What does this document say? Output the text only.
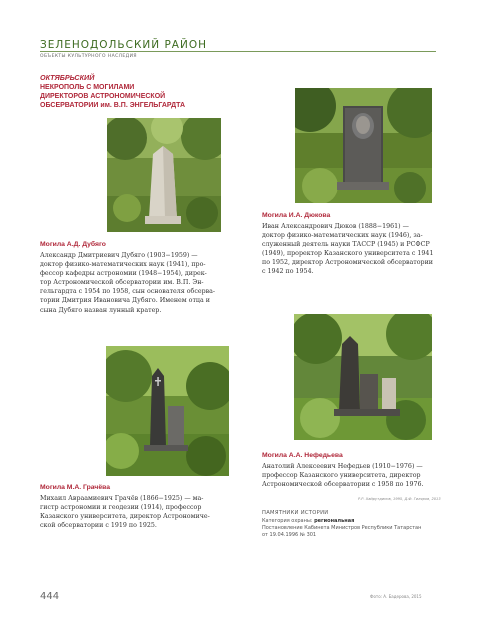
ЗЕЛЕНОДОЛЬСКИЙ РАЙОН
ОБЪЕКТЫ КУЛЬТУРНОГО НАСЛЕДИЯ
ОКТЯБРЬСКИЙ
НЕКРОПОЛЬ С МОГИЛАМИ
ДИРЕКТОРОВ АСТРОНОМИЧЕСКОЙ
ОБСЕРВАТОРИИ им. В.П. ЭНГЕЛЬГАРДТА
Могила И.А. Дюкова
Иван Александрович Дюков (1888−1961) —
доктор физико-математических наук (1946), за-
служенный деятель науки ТАССР (1945) и РСФСР
(1949), проректор Казанского университета с 1941
по 1952, директор Астрономической обсерватории
с 1942 по 1954.
Могила А.Д. Дубяго
Александр Дмитриевич Дубяго (1903−1959) —
доктор физико-математических наук (1941), про-
фессор кафедры астрономии (1948−1954), дирек-
тор Астрономической обсерватории им. В.П. Эн-
гельгардта с 1954 по 1958, сын основателя обсерва-
тории Дмитрия Ивановича Дубяго. Именем отца и
сына Дубяго назван лунный кратер.
Могила А.А. Нефедьева
Анатолий Алексеевич Нефедьев (1910−1976) —
профессор Казанского университета, директор
Астрономической обсерватории с 1958 по 1976.
Р.Р. Хайрутдинов, 1995, Д.Ф. Гиляров, 2013
Могила М.А. Грачёва
Михаил Авраамиевич Грачёв (1866−1925) — ма-
гистр астрономии и геодезии (1914), профессор
Казанского университета, директор Астрономиче-
ской обсерватории с 1919 по 1925.
ПАМЯТНИКИ ИСТОРИИ
Категория охраны: региональная
Постановление Кабинета Министров Республики Татарстан
от 19.04.1996 № 301
444	Фото: А. Бадерова, 2015
